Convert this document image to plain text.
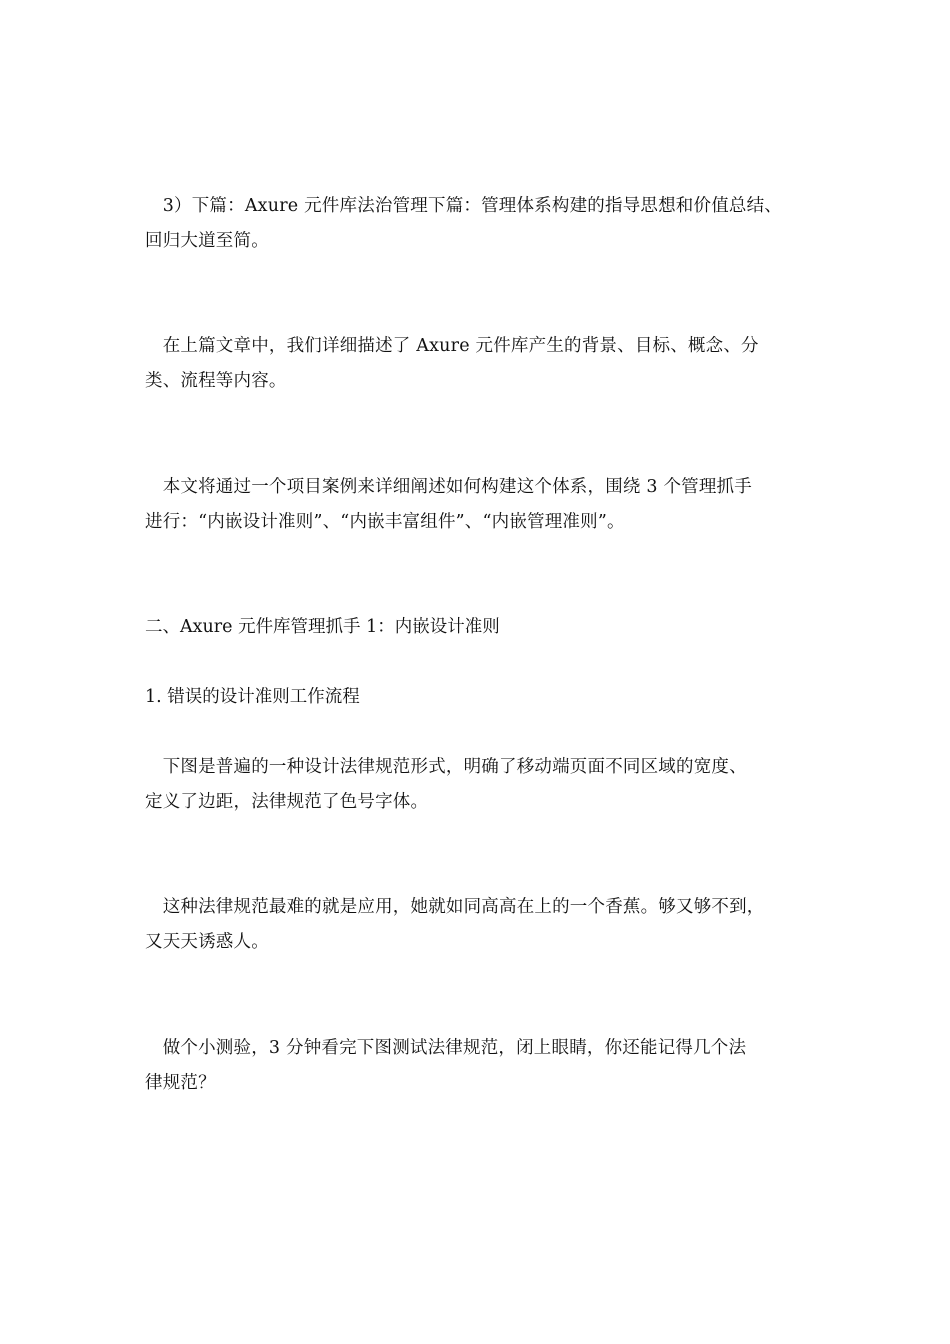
　3）下篇：Axure 元件库法治管理下篇：管理体系构建的指导思想和价值总结、
回归大道至简。

　在上篇文章中，我们详细描述了 Axure 元件库产生的背景、目标、概念、分
类、流程等内容。

　本文将通过一个项目案例来详细阐述如何构建这个体系，围绕 3 个管理抓手
进行：“内嵌设计准则”、“内嵌丰富组件”、“内嵌管理准则”。

二、Axure 元件库管理抓手 1：内嵌设计准则
1. 错误的设计准则工作流程

　下图是普遍的一种设计法律规范形式，明确了移动端页面不同区域的宽度、
定义了边距，法律规范了色号字体。

　这种法律规范最难的就是应用，她就如同高高在上的一个香蕉。够又够不到，
又天天诱惑人。

　做个小测验，3 分钟看完下图测试法律规范，闭上眼睛，你还能记得几个法
律规范？
